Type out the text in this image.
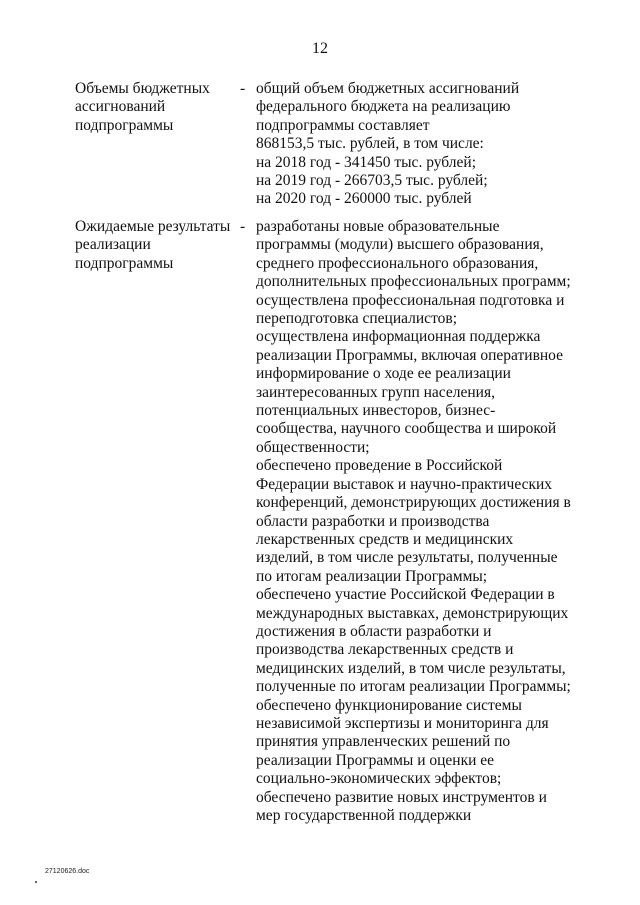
12
Объемы бюджетных
ассигнований
подпрограммы
- общий объем бюджетных ассигнований
федерального бюджета на реализацию
подпрограммы составляет
868153,5 тыс. рублей, в том числе:
на 2018 год - 341450 тыс. рублей;
на 2019 год - 266703,5 тыс. рублей;
на 2020 год - 260000 тыс. рублей
Ожидаемые результаты
реализации
подпрограммы
- разработаны новые образовательные
программы (модули) высшего образования,
среднего профессионального образования,
дополнительных профессиональных программ;
осуществлена профессиональная подготовка и
переподготовка специалистов;
осуществлена информационная поддержка
реализации Программы, включая оперативное
информирование о ходе ее реализации
заинтересованных групп населения,
потенциальных инвесторов, бизнес-
сообщества, научного сообщества и широкой
общественности;
обеспечено проведение в Российской
Федерации выставок и научно-практических
конференций, демонстрирующих достижения в
области разработки и производства
лекарственных средств и медицинских
изделий, в том числе результаты, полученные
по итогам реализации Программы;
обеспечено участие Российской Федерации в
международных выставках, демонстрирующих
достижения в области разработки и
производства лекарственных средств и
медицинских изделий, в том числе результаты,
полученные по итогам реализации Программы;
обеспечено функционирование системы
независимой экспертизы и мониторинга для
принятия управленческих решений по
реализации Программы и оценки ее
социально-экономических эффектов;
обеспечено развитие новых инструментов и
мер государственной поддержки
27120626.doc
